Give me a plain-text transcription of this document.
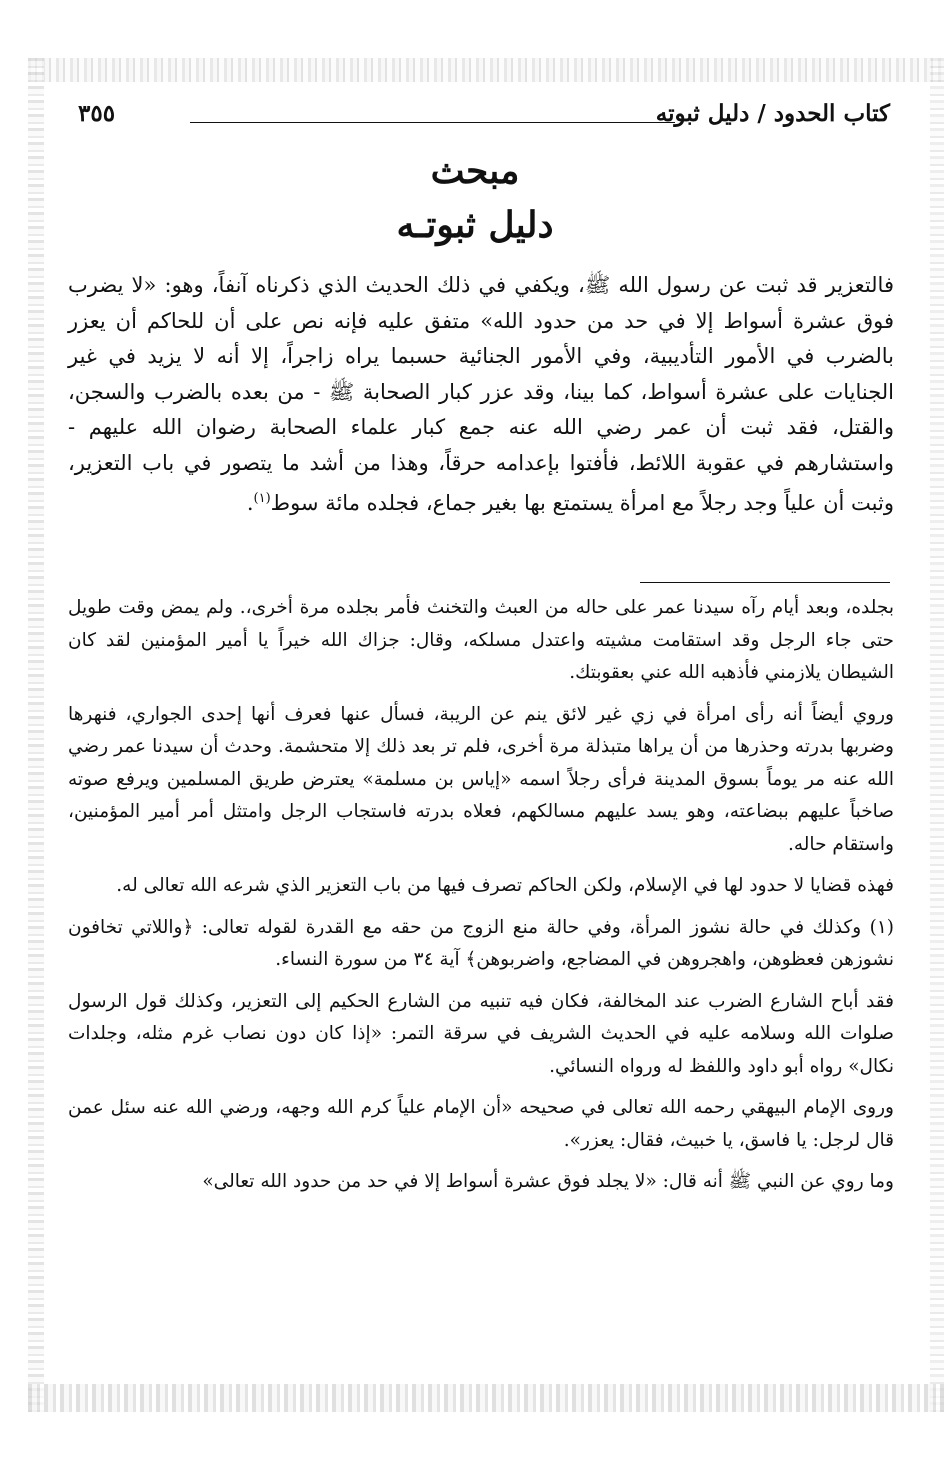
كتاب الحدود / دليل ثبوته
٣٥٥
مبحث
دليل ثبوتـه
فالتعزير قد ثبت عن رسول الله ﷺ، ويكفي في ذلك الحديث الذي ذكرناه آنفاً، وهو: «لا يضرب فوق عشرة أسواط إلا في حد من حدود الله» متفق عليه فإنه نص على أن للحاكم أن يعزر بالضرب في الأمور التأديبية، وفي الأمور الجنائية حسبما يراه زاجراً، إلا أنه لا يزيد في غير الجنايات على عشرة أسواط، كما بينا، وقد عزر كبار الصحابة ﷺ - من بعده بالضرب والسجن، والقتل، فقد ثبت أن عمر رضي الله عنه جمع كبار علماء الصحابة رضوان الله عليهم - واستشارهم في عقوبة اللائط، فأفتوا بإعدامه حرقاً، وهذا من أشد ما يتصور في باب التعزير، وثبت أن علياً وجد رجلاً مع امرأة يستمتع بها بغير جماع، فجلده مائة سوط$^{(١)}$.

بجلده، وبعد أيام رآه سيدنا عمر على حاله من العبث والتخنث فأمر بجلده مرة أخرى،. ولم يمض وقت طويل حتى جاء الرجل وقد استقامت مشيته واعتدل مسلكه، وقال: جزاك الله خيراً يا أمير المؤمنين لقد كان الشيطان يلازمني فأذهبه الله عني بعقوبتك.

وروي أيضاً أنه رأى امرأة في زي غير لائق ينم عن الريبة، فسأل عنها فعرف أنها إحدى الجواري، فنهرها وضربها بدرته وحذرها من أن يراها متبذلة مرة أخرى، فلم تر بعد ذلك إلا متحشمة. وحدث أن سيدنا عمر رضي الله عنه مر يوماً بسوق المدينة فرأى رجلاً اسمه «إياس بن مسلمة» يعترض طريق المسلمين ويرفع صوته صاخباً عليهم ببضاعته، وهو يسد عليهم مسالكهم، فعلاه بدرته فاستجاب الرجل وامتثل أمر أمير المؤمنين، واستقام حاله.

فهذه قضايا لا حدود لها في الإسلام، ولكن الحاكم تصرف فيها من باب التعزير الذي شرعه الله تعالى له.

(١) وكذلك في حالة نشوز المرأة، وفي حالة منع الزوج من حقه مع القدرة لقوله تعالى: ﴿واللاتي تخافون نشوزهن فعظوهن، واهجروهن في المضاجع، واضربوهن﴾ آية ٣٤ من سورة النساء.

فقد أباح الشارع الضرب عند المخالفة، فكان فيه تنبيه من الشارع الحكيم إلى التعزير، وكذلك قول الرسول صلوات الله وسلامه عليه في الحديث الشريف في سرقة التمر: «إذا كان دون نصاب غرم مثله، وجلدات نكال» رواه أبو داود واللفظ له ورواه النسائي.

وروى الإمام البيهقي رحمه الله تعالى في صحيحه «أن الإمام علياً كرم الله وجهه، ورضي الله عنه سئل عمن قال لرجل: يا فاسق، يا خبيث، فقال: يعزر».

وما روي عن النبي ﷺ أنه قال: «لا يجلد فوق عشرة أسواط إلا في حد من حدود الله تعالى»
